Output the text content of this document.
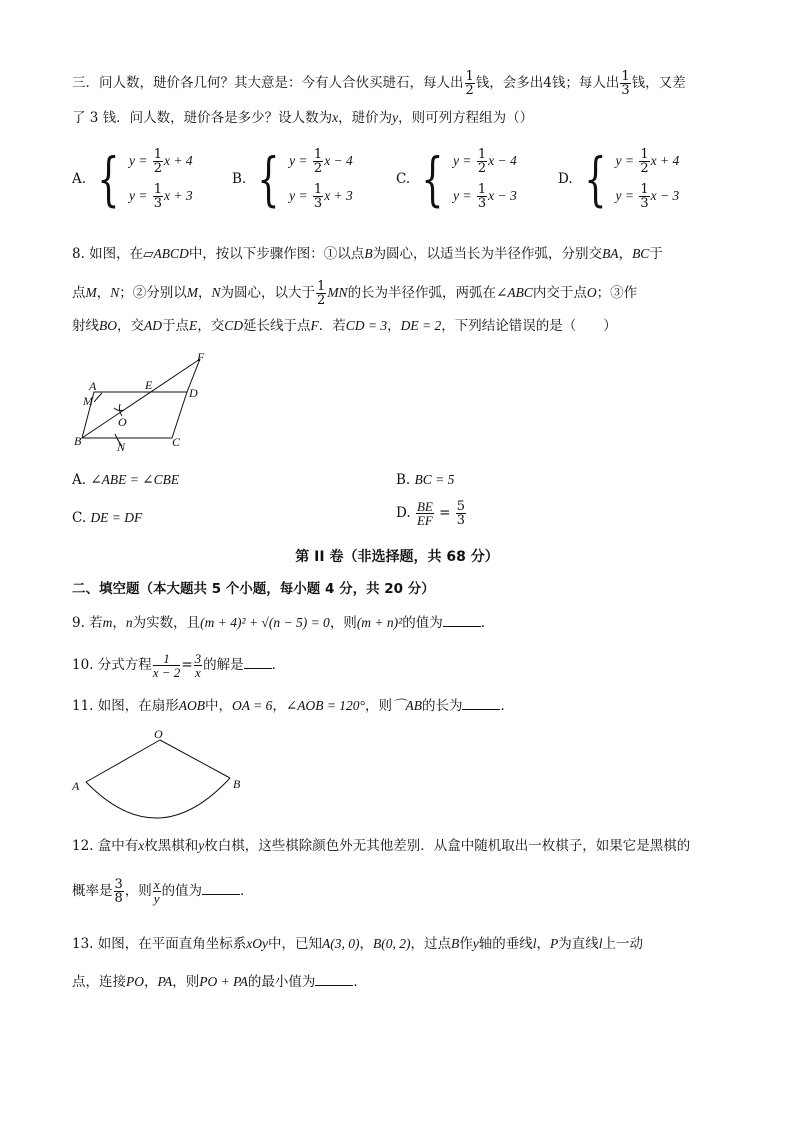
三．问人数，琎价各几何？其大意是：今有人合伙买琎石，每人出 $\frac{1}{2}$ 钱，会多出4钱；每人出 $\frac{1}{3}$ 钱，又差
了 3 钱．问人数，琎价各是多少？设人数为x，琎价为y，则可列方程组为（）
A. { $y = \frac{1}{2}$ x + 4
$y = \frac{1}{3}$ x + 3
B. { $y = \frac{1}{2}$ x − 4
$y = \frac{1}{3}$ x + 3
C. { $y = \frac{1}{2}$ x − 4
$y = \frac{1}{3}$ x − 3
D. { $y = \frac{1}{2}$ x + 4
$y = \frac{1}{3}$ x − 3
8. 如图，在▱ABCD中，按以下步骤作图：①以点B为圆心，以适当长为半径作弧，分别交BA，BC于
点M，N；②分别以M，N为圆心，以大于 $\frac{1}{2}$ MN的长为半径作弧，两弧在∠ABC内交于点O；③作
射线BO，交AD于点E，交CD延长线于点F．若CD = 3，DE = 2，下列结论错误的是（　　）
A
M
E
D
F
O
B	N	C
A. ∠ABE = ∠CBE	B. BC = 5
C. DE = DF	D. $\frac{BE}{EF} = \frac{5}{3}$
第 II 卷（非选择题，共 68 分）
二、填空题（本大题共 5 个小题，每小题 4 分，共 20 分）
9. 若m，n为实数，且(m + 4)² + √(n − 5) = 0，则(m + n)²的值为	．
10. 分式方程 $\frac{1}{x - 2} = \frac{3}{x}$ 的解是 ．
11. 如图，在扇形AOB中，OA = 6，∠AOB = 120°，则⌒AB的长为	．
O
A	B
12. 盒中有x枚黑棋和y枚白棋，这些棋除颜色外无其他差别．从盒中随机取出一枚棋子，如果它是黑棋的
概率是 $\frac{3}{8}$ ，则 $\frac{x}{y}$ 的值为	．
13. 如图，在平面直角坐标系xOy中，已知A(3, 0)，B(0, 2)，过点B作y轴的垂线l，P为直线l上一动
点，连接PO，PA，则PO + PA的最小值为	．
